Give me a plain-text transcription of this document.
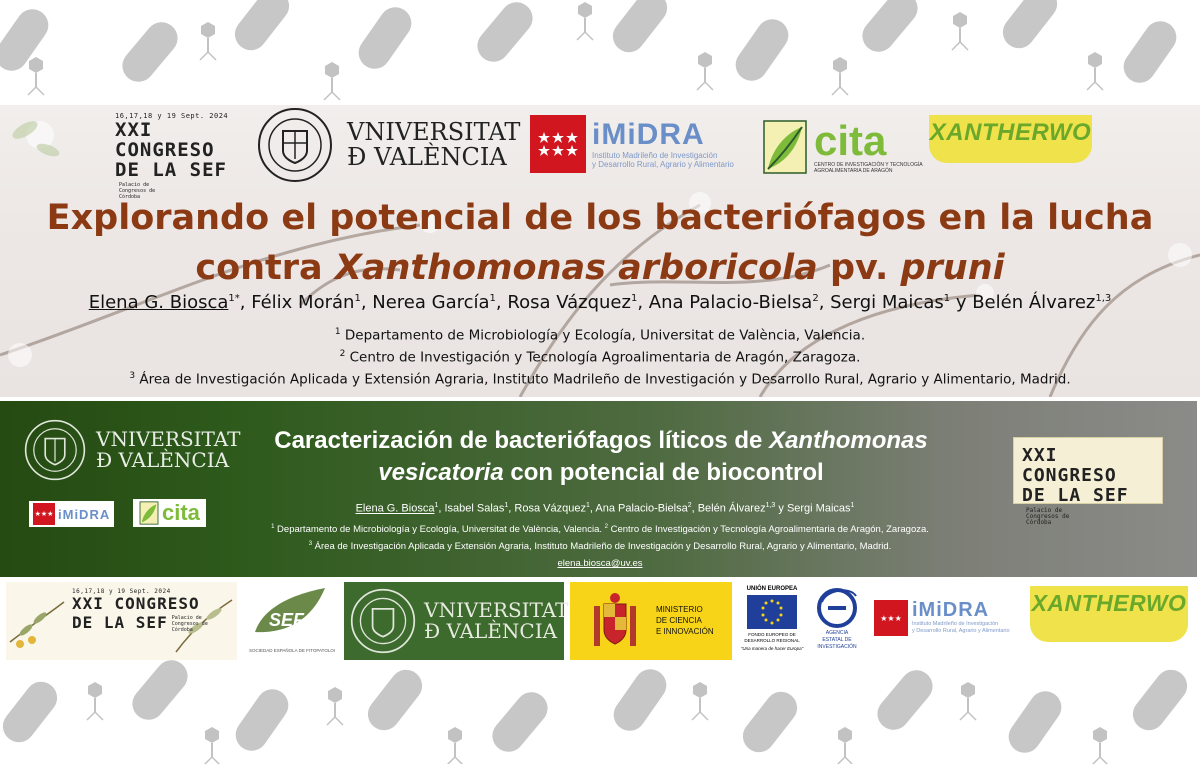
16,17,18 y 19 Sept. 2024
XXI CONGRESO
DE LA SEFPalacio de Congresos de Córdoba
VNIVERSITAT
Ð VALÈNCIA
iMiDRA
Instituto Madrileño de Investigación
y Desarrollo Rural, Agrario y Alimentario
cita
CENTRO DE INVESTIGACIÓN Y TECNOLOGÍA
AGROALIMENTARIA DE ARAGÓN
XANTHERWO
Explorando el potencial de los bacteriófagos en la lucha
contra Xanthomonas arboricola pv. pruni
Elena G. Biosca$^{1*}$, Félix Morán$^1$, Nerea García$^1$, Rosa Vázquez$^1$, Ana Palacio-Bielsa$^2$, Sergi Maicas$^1$ y Belén Álvarez$^{1,3}$
$^1$ Departamento de Microbiología y Ecología, Universitat de València, Valencia.
$^2$ Centro de Investigación y Tecnología Agroalimentaria de Aragón, Zaragoza.
$^3$ Área de Investigación Aplicada y Extensión Agraria, Instituto Madrileño de Investigación y Desarrollo Rural, Agrario y Alimentario, Madrid.
VNIVERSITAT
Ð VALÈNCIA
★★★ iMiDRA cita
Caracterización de bacteriófagos líticos de Xanthomonas
vesicatoria con potencial de biocontrol
Elena G. Biosca$^1$, Isabel Salas$^1$, Rosa Vázquez$^1$, Ana Palacio-Bielsa$^2$, Belén Álvarez$^{1,3}$ y Sergi Maicas$^1$
$^1$ Departamento de Microbiología y Ecología, Universitat de València, Valencia. $^2$ Centro de Investigación y Tecnología Agroalimentaria de Aragón, Zaragoza.
$^3$ Área de Investigación Aplicada y Extensión Agraria, Instituto Madrileño de Investigación y Desarrollo Rural, Agrario y Alimentario, Madrid.
elena.biosca@uv.es
XXI CONGRESO
DE LA SEFPalacio de Congresos de Córdoba
16,17,18 y 19 Sept. 2024
XXI CONGRESO
DE LA SEF Palacio de Congresos de Córdoba	SEF
SOCIEDAD ESPAÑOLA DE FITOPATOLOGÍA
VNIVERSITAT
Ð VALÈNCIA
MINISTERIO
DE CIENCIA
E INNOVACIÓN
UNIÓN EUROPEA
FONDO EUROPEO DE
DESARROLLO REGIONAL
"Una manera de hacer Europa"
AGENCIA
ESTATAL DE
INVESTIGACIÓN
★★★ iMiDRA
Instituto Madrileño de Investigación
y Desarrollo Rural, Agrario y Alimentario
XANTHERWO
